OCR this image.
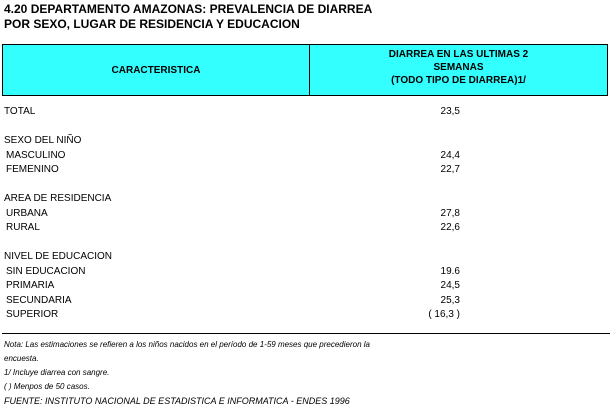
4.20 DEPARTAMENTO AMAZONAS: PREVALENCIA DE DIARREA
POR SEXO, LUGAR DE RESIDENCIA Y EDUCACION
CARACTERISTICA
DIARREA EN LAS ULTIMAS 2
SEMANAS
(TODO TIPO DE DIARREA)1/
TOTAL	23,5
SEXO DEL NIÑO
MASCULINO	24,4
FEMENINO	22,7
AREA DE RESIDENCIA
URBANA	27,8
RURAL	22,6
NIVEL DE EDUCACION
SIN EDUCACION	19.6
PRIMARIA	24,5
SECUNDARIA	25,3
SUPERIOR	( 16,3 )
Nota: Las estimaciones se refieren a los niños nacidos en el período de 1-59 meses que precedieron la
encuesta.
1/ Incluye diarrea con sangre.
( ) Menpos de 50 casos.
FUENTE: INSTITUTO NACIONAL DE ESTADISTICA E INFORMATICA - ENDES 1996
